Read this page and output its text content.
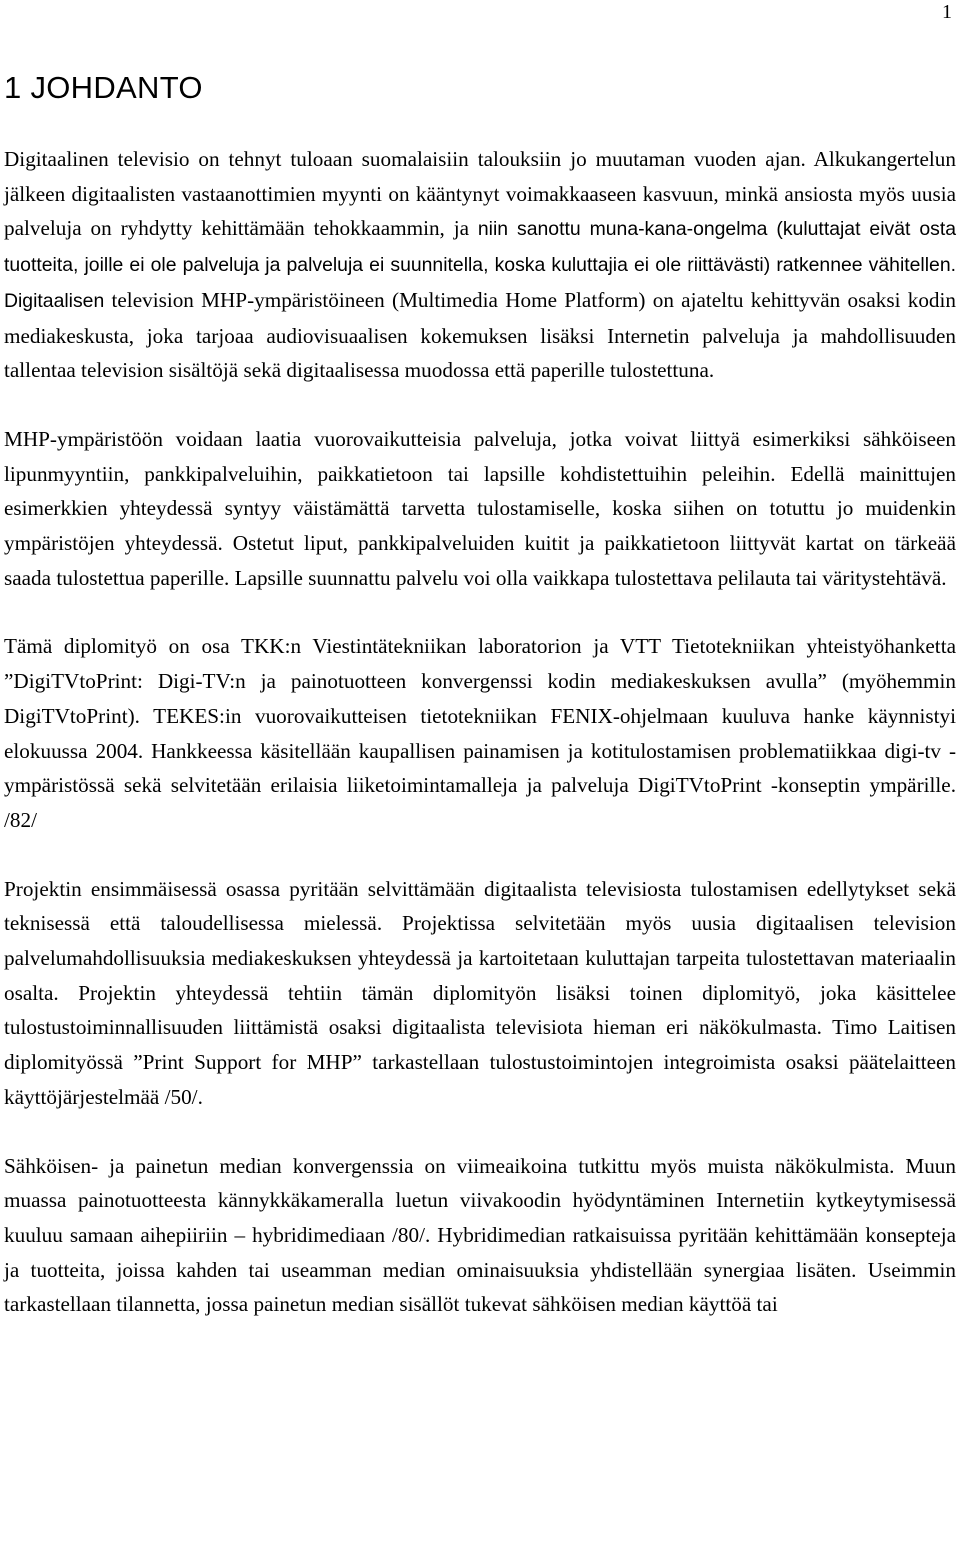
1
1 JOHDANTO

Digitaalinen televisio on tehnyt tuloaan suomalaisiin talouksiin jo muutaman vuoden ajan. Alkukangertelun jälkeen digitaalisten vastaanottimien myynti on kääntynyt voimakkaaseen kasvuun, minkä ansiosta myös uusia palveluja on ryhdytty kehittämään tehokkaammin, ja niin sanottu muna-kana-ongelma (kuluttajat eivät osta tuotteita, joille ei ole palveluja ja palveluja ei suunnitella, koska kuluttajia ei ole riittävästi) ratkennee vähitellen. Digitaalisen television MHP-ympäristöineen (Multimedia Home Platform) on ajateltu kehittyvän osaksi kodin mediakeskusta, joka tarjoaa audiovisuaalisen kokemuksen lisäksi Internetin palveluja ja mahdollisuuden tallentaa television sisältöjä sekä digitaalisessa muodossa että paperille tulostettuna.

MHP-ympäristöön voidaan laatia vuorovaikutteisia palveluja, jotka voivat liittyä esimerkiksi sähköiseen lipunmyyntiin, pankkipalveluihin, paikkatietoon tai lapsille kohdistettuihin peleihin. Edellä mainittujen esimerkkien yhteydessä syntyy väistämättä tarvetta tulostamiselle, koska siihen on totuttu jo muidenkin ympäristöjen yhteydessä. Ostetut liput, pankkipalveluiden kuitit ja paikkatietoon liittyvät kartat on tärkeää saada tulostettua paperille. Lapsille suunnattu palvelu voi olla vaikkapa tulostettava pelilauta tai väritystehtävä.

Tämä diplomityö on osa TKK:n Viestintätekniikan laboratorion ja VTT Tietotekniikan yhteistyöhanketta ”DigiTVtoPrint: Digi-TV:n ja painotuotteen konvergenssi kodin mediakeskuksen avulla” (myöhemmin DigiTVtoPrint). TEKES:in vuorovaikutteisen tietotekniikan FENIX-ohjelmaan kuuluva hanke käynnistyi elokuussa 2004. Hankkeessa käsitellään kaupallisen painamisen ja kotitulostamisen problematiikkaa digi-tv -ympäristössä sekä selvitetään erilaisia liiketoimintamalleja ja palveluja DigiTVtoPrint -konseptin ympärille. /82/

Projektin ensimmäisessä osassa pyritään selvittämään digitaalista televisiosta tulostamisen edellytykset sekä teknisessä että taloudellisessa mielessä. Projektissa selvitetään myös uusia digitaalisen television palvelumahdollisuuksia mediakeskuksen yhteydessä ja kartoitetaan kuluttajan tarpeita tulostettavan materiaalin osalta. Projektin yhteydessä tehtiin tämän diplomityön lisäksi toinen diplomityö, joka käsittelee tulostustoiminnallisuuden liittämistä osaksi digitaalista televisiota hieman eri näkökulmasta. Timo Laitisen diplomityössä ”Print Support for MHP” tarkastellaan tulostustoimintojen integroimista osaksi päätelaitteen käyttöjärjestelmää /50/.

Sähköisen- ja painetun median konvergenssia on viimeaikoina tutkittu myös muista näkökulmista. Muun muassa painotuotteesta kännykkäkameralla luetun viivakoodin hyödyntäminen Internetiin kytkeytymisessä kuuluu samaan aihepiiriin – hybridimediaan /80/. Hybridimedian ratkaisuissa pyritään kehittämään konsepteja ja tuotteita, joissa kahden tai useamman median ominaisuuksia yhdistellään synergiaa lisäten. Useimmin tarkastellaan tilannetta, jossa painetun median sisällöt tukevat sähköisen median käyttöä tai
